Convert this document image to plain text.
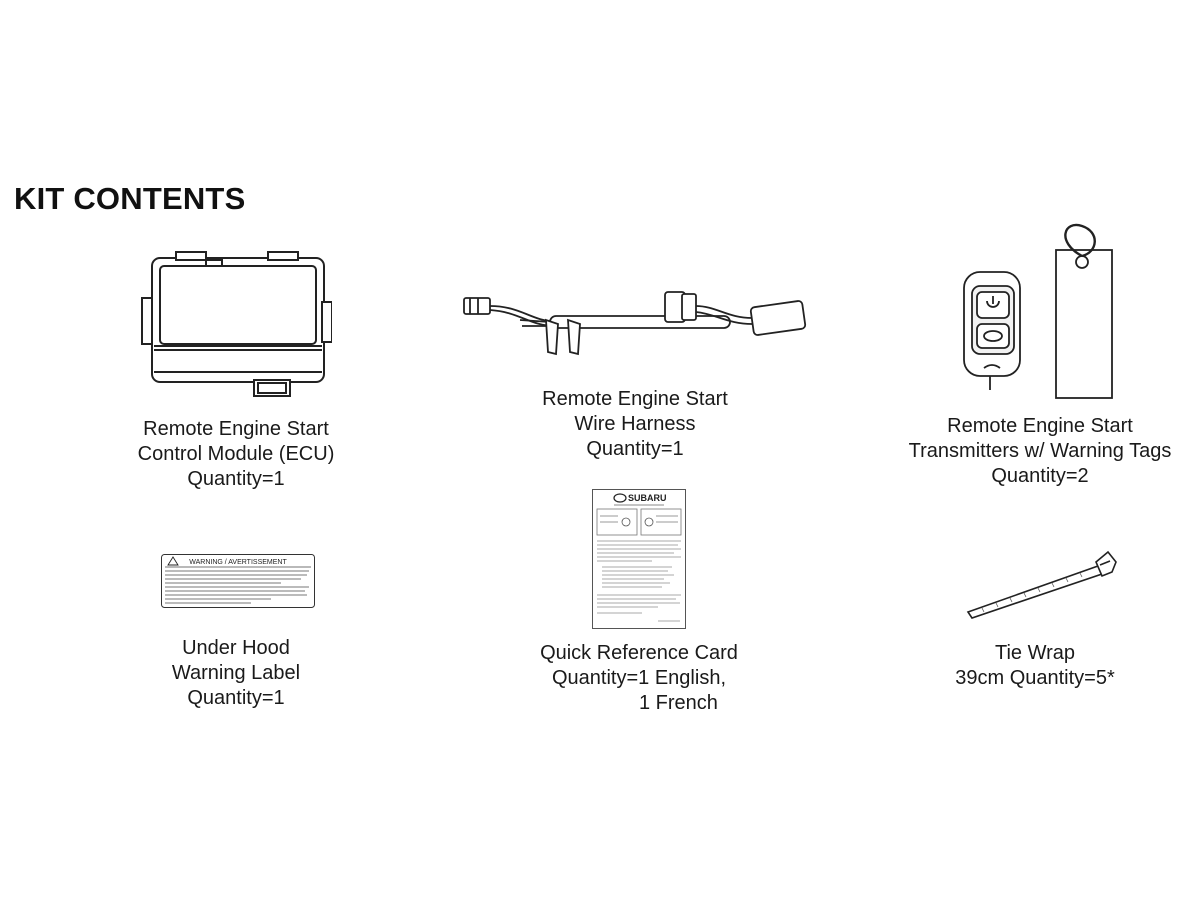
KIT CONTENTS
Remote Engine Start
Control Module (ECU)
Quantity=1
Remote Engine Start
Wire Harness
Quantity=1
Remote Engine Start
Transmitters w/ Warning Tags
Quantity=2
WARNING / AVERTISSEMENT
Under Hood
Warning Label
Quantity=1
SUBARU
Quick Reference Card
Quantity=1 English,
1 French
Tie Wrap
39cm Quantity=5*
